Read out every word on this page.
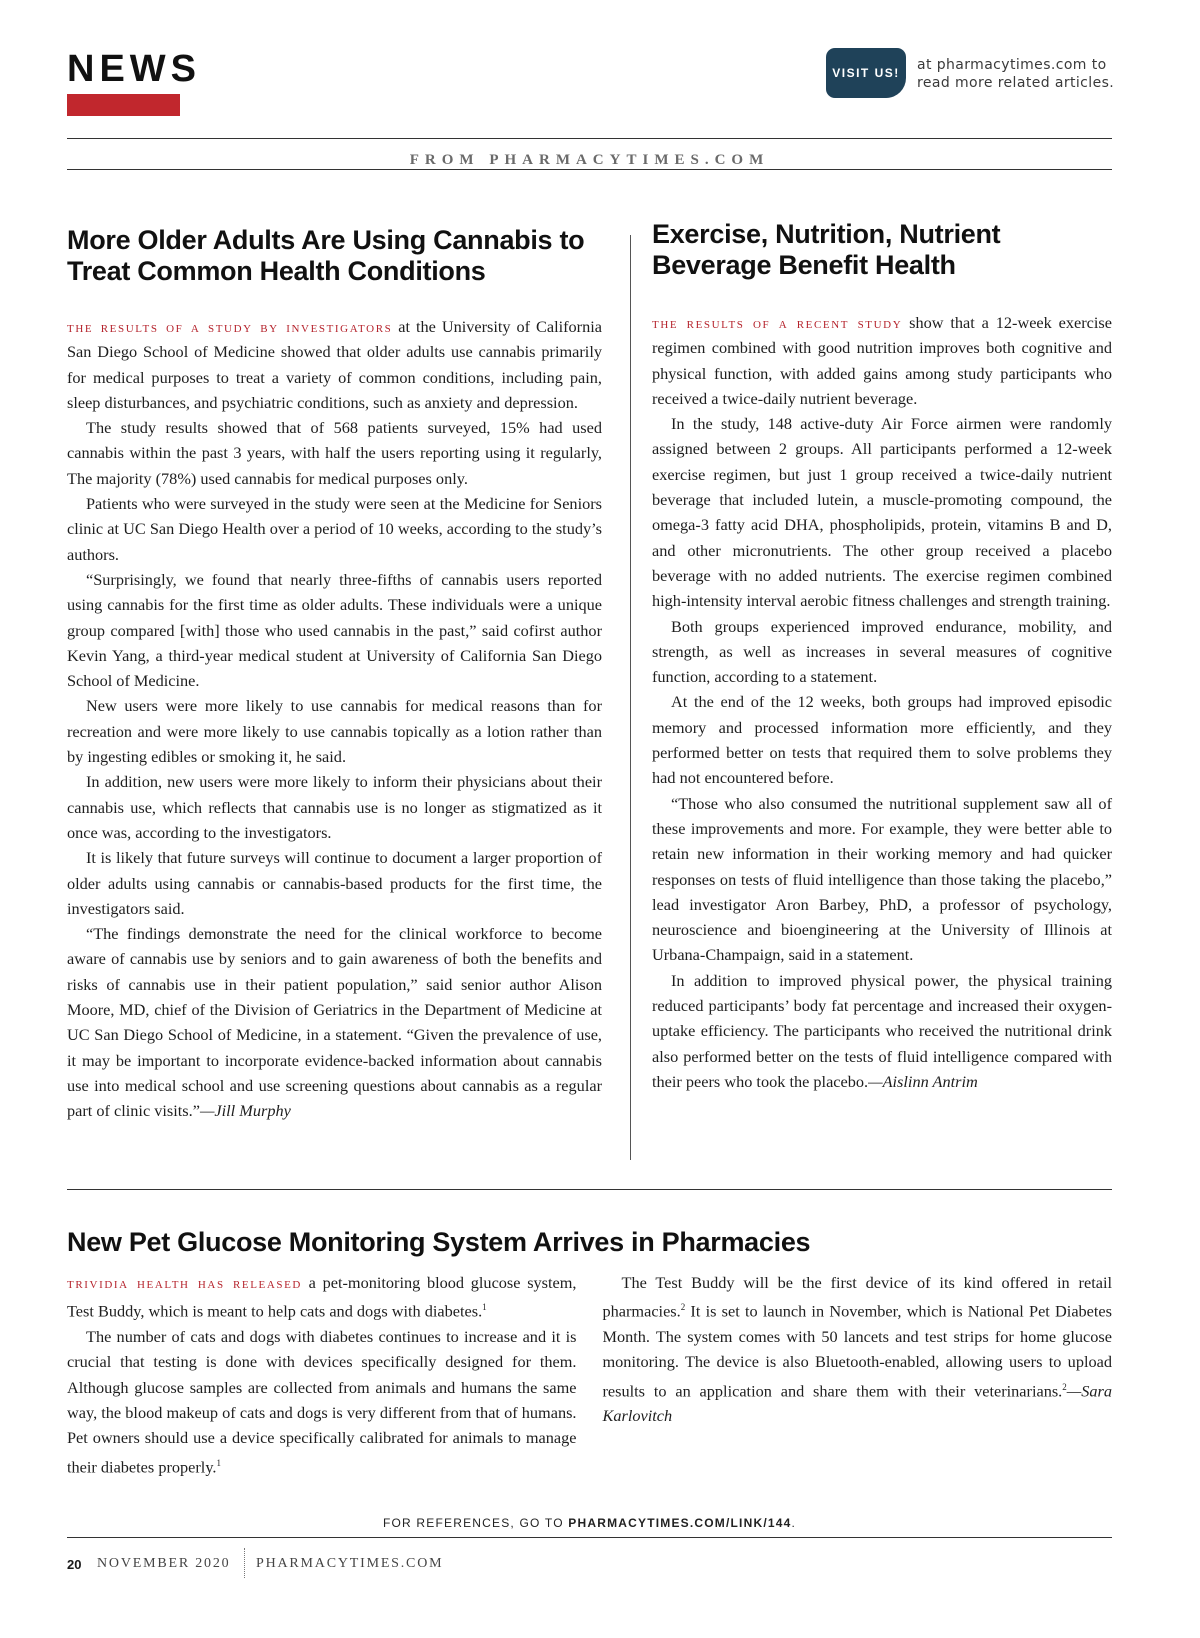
NEWS	VISIT US!	at pharmacytimes.com to
read more related articles.
FROM PHARMACYTIMES.COM
More Older Adults Are Using Cannabis to Treat Common Health Conditions

the results of a study by investigators at the University of California San Diego School of Medicine showed that older adults use cannabis primarily for medical purposes to treat a variety of common conditions, including pain, sleep disturbances, and psychiatric conditions, such as anxiety and depression.

The study results showed that of 568 patients surveyed, 15% had used cannabis within the past 3 years, with half the users reporting using it regularly, The majority (78%) used cannabis for medical purposes only.

Patients who were surveyed in the study were seen at the Medicine for Seniors clinic at UC San Diego Health over a period of 10 weeks, according to the study’s authors.

“Surprisingly, we found that nearly three-fifths of cannabis users reported using cannabis for the first time as older adults. These individuals were a unique group compared [with] those who used cannabis in the past,” said cofirst author Kevin Yang, a third-year medical student at University of California San Diego School of Medicine.

New users were more likely to use cannabis for medical reasons than for recreation and were more likely to use cannabis topically as a lotion rather than by ingesting edibles or smoking it, he said.

In addition, new users were more likely to inform their physicians about their cannabis use, which reflects that cannabis use is no longer as stigmatized as it once was, according to the investigators.

It is likely that future surveys will continue to document a larger proportion of older adults using cannabis or cannabis-based products for the first time, the investigators said.

“The findings demonstrate the need for the clinical workforce to become aware of cannabis use by seniors and to gain awareness of both the benefits and risks of cannabis use in their patient population,” said senior author Alison Moore, MD, chief of the Division of Geriatrics in the Department of Medicine at UC San Diego School of Medicine, in a statement. “Given the prevalence of use, it may be important to incorporate evidence-backed information about cannabis use into medical school and use screening questions about cannabis as a regular part of clinic visits.”—Jill Murphy

Exercise, Nutrition, Nutrient Beverage Benefit Health

the results of a recent study show that a 12-week exercise regimen combined with good nutrition improves both cognitive and physical function, with added gains among study participants who received a twice-daily nutrient beverage.

In the study, 148 active-duty Air Force airmen were randomly assigned between 2 groups. All participants performed a 12-week exercise regimen, but just 1 group received a twice-daily nutrient beverage that included lutein, a muscle-promoting compound, the omega-3 fatty acid DHA, phospholipids, protein, vitamins B and D, and other micronutrients. The other group received a placebo beverage with no added nutrients. The exercise regimen combined high-intensity interval aerobic fitness challenges and strength training.

Both groups experienced improved endurance, mobility, and strength, as well as increases in several measures of cognitive function, according to a statement.

At the end of the 12 weeks, both groups had improved episodic memory and processed information more efficiently, and they performed better on tests that required them to solve problems they had not encountered before.

“Those who also consumed the nutritional supplement saw all of these improvements and more. For example, they were better able to retain new information in their working memory and had quicker responses on tests of fluid intelligence than those taking the placebo,” lead investigator Aron Barbey, PhD, a professor of psychology, neuroscience and bioengineering at the University of Illinois at Urbana-Champaign, said in a statement.

In addition to improved physical power, the physical training reduced participants’ body fat percentage and increased their oxygen-uptake efficiency. The participants who received the nutritional drink also performed better on the tests of fluid intelligence compared with their peers who took the placebo.—Aislinn Antrim

New Pet Glucose Monitoring System Arrives in Pharmacies

trividia health has released a pet-monitoring blood glucose system, Test Buddy, which is meant to help cats and dogs with diabetes.$^1$

The number of cats and dogs with diabetes continues to increase and it is crucial that testing is done with devices specifically designed for them. Although glucose samples are collected from animals and humans the same way, the blood makeup of cats and dogs is very different from that of humans. Pet owners should use a device specifically calibrated for animals to manage their diabetes properly.$^1$

The Test Buddy will be the first device of its kind offered in retail pharmacies.$^2$ It is set to launch in November, which is National Pet Diabetes Month. The system comes with 50 lancets and test strips for home glucose monitoring. The device is also Bluetooth-enabled, allowing users to upload results to an application and share them with their veterinarians.$^2$—Sara Karlovitch

FOR REFERENCES, GO TO PHARMACYTIMES.COM/LINK/144.
20 NOVEMBER 2020 PHARMACYTIMES.COM
